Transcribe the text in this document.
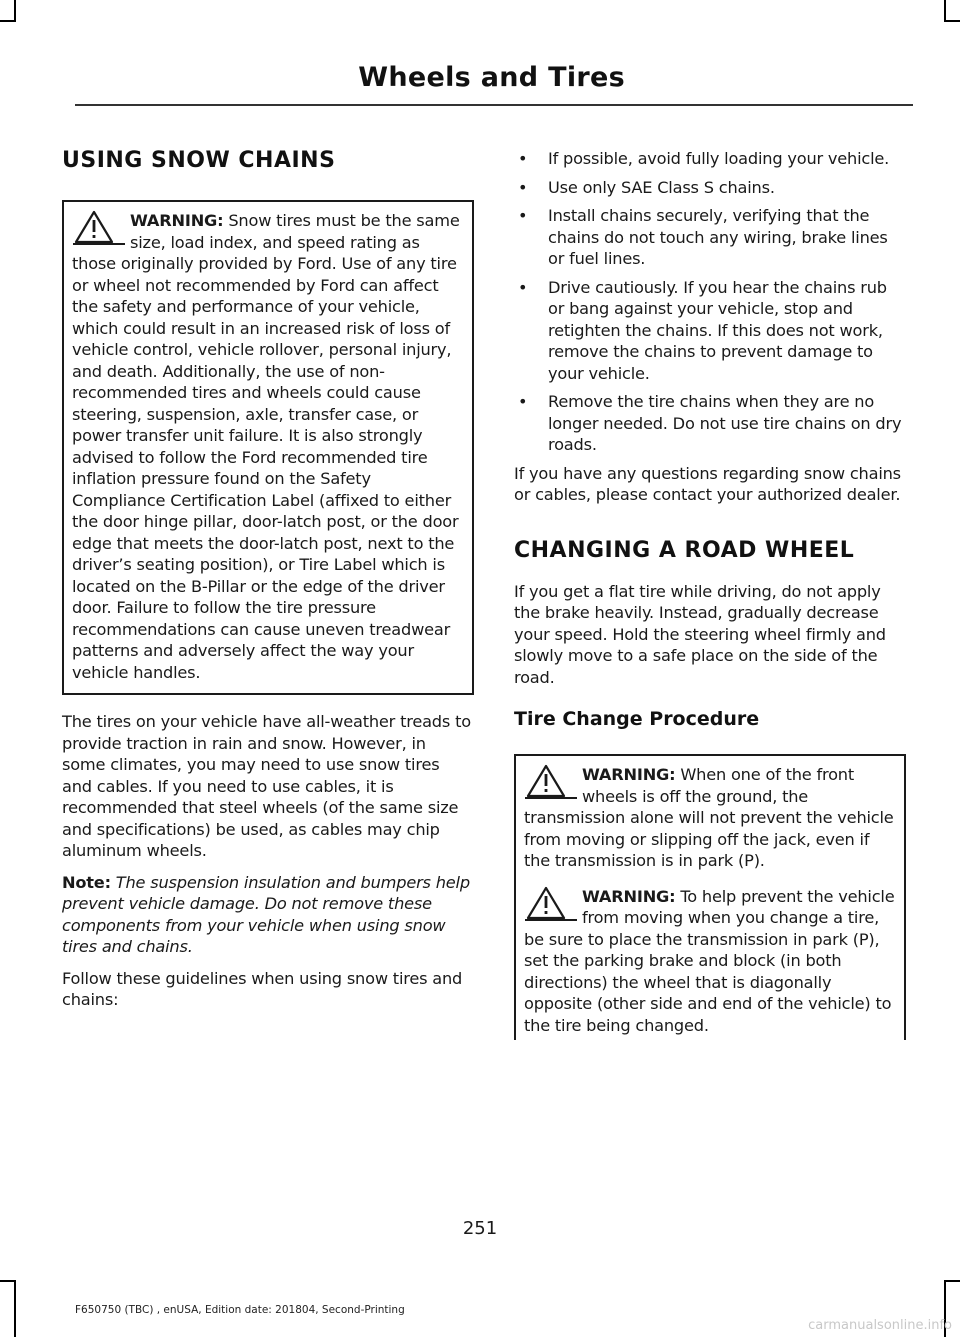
Wheels and Tires
USING SNOW CHAINS

WARNING: Snow tires must be the same size, load index, and speed rating as those originally provided by Ford. Use of any tire or wheel not recommended by Ford can affect the safety and performance of your vehicle, which could result in an increased risk of loss of vehicle control, vehicle rollover, personal injury, and death. Additionally, the use of non-recommended tires and wheels could cause steering, suspension, axle, transfer case, or power transfer unit failure. It is also strongly advised to follow the Ford recommended tire inflation pressure found on the Safety Compliance Certification Label (affixed to either the door hinge pillar, door-latch post, or the door edge that meets the door-latch post, next to the driver’s seating position), or Tire Label which is located on the B-Pillar or the edge of the driver door. Failure to follow the tire pressure recommendations can cause uneven treadwear patterns and adversely affect the way your vehicle handles.

The tires on your vehicle have all-weather treads to provide traction in rain and snow. However, in some climates, you may need to use snow tires and cables. If you need to use cables, it is recommended that steel wheels (of the same size and specifications) be used, as cables may chip aluminum wheels.

Note: The suspension insulation and bumpers help prevent vehicle damage. Do not remove these components from your vehicle when using snow tires and chains.

Follow these guidelines when using snow tires and chains:

• If possible, avoid fully loading your vehicle.
• Use only SAE Class S chains.
• Install chains securely, verifying that the chains do not touch any wiring, brake lines or fuel lines.
• Drive cautiously. If you hear the chains rub or bang against your vehicle, stop and retighten the chains. If this does not work, remove the chains to prevent damage to your vehicle.
• Remove the tire chains when they are no longer needed. Do not use tire chains on dry roads.

If you have any questions regarding snow chains or cables, please contact your authorized dealer.

CHANGING A ROAD WHEEL

If you get a flat tire while driving, do not apply the brake heavily. Instead, gradually decrease your speed. Hold the steering wheel firmly and slowly move to a safe place on the side of the road.

Tire Change Procedure

WARNING: When one of the front wheels is off the ground, the transmission alone will not prevent the vehicle from moving or slipping off the jack, even if the transmission is in park (P).

WARNING: To help prevent the vehicle from moving when you change a tire, be sure to place the transmission in park (P), set the parking brake and block (in both directions) the wheel that is diagonally opposite (other side and end of the vehicle) to the tire being changed.

251
F650750 (TBC) , enUSA, Edition date: 201804, Second-Printing
carmanualsonline.info
